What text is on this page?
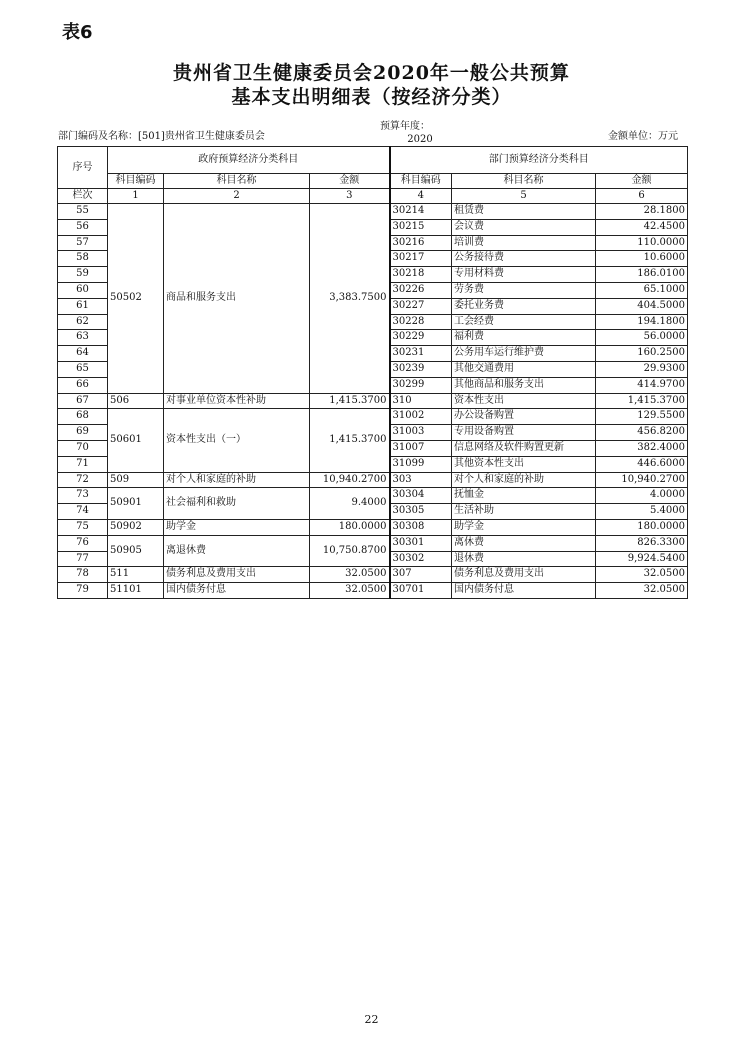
表6
贵州省卫生健康委员会2020年一般公共预算
基本支出明细表（按经济分类）
部门编码及名称：[501]贵州省卫生健康委员会
预算年度：
2020	金额单位：万元
序号	政府预算经济分类科目			部门预算经济分类科目		
	科目编码	科目名称	金额	科目编码	科目名称	金额
栏次	1	2	3	4	5	6
55	50502	商品和服务支出	3,383.7500	30214	租赁费	28.1800
56				30215	会议费	42.4500
57				30216	培训费	110.0000
58				30217	公务接待费	10.6000
59				30218	专用材料费	186.0100
60				30226	劳务费	65.1000
61				30227	委托业务费	404.5000
62				30228	工会经费	194.1800
63				30229	福利费	56.0000
64				30231	公务用车运行维护费	160.2500
65				30239	其他交通费用	29.9300
66				30299	其他商品和服务支出	414.9700
67	506	对事业单位资本性补助	1,415.3700	310	资本性支出	1,415.3700
68	50601	资本性支出（一）	1,415.3700	31002	办公设备购置	129.5500
69				31003	专用设备购置	456.8200
70				31007	信息网络及软件购置更新	382.4000
71				31099	其他资本性支出	446.6000
72	509	对个人和家庭的补助	10,940.2700	303	对个人和家庭的补助	10,940.2700
73	50901	社会福利和救助	9.4000	30304	抚恤金	4.0000
74				30305	生活补助	5.4000
75	50902	助学金	180.0000	30308	助学金	180.0000
76	50905	离退休费	10,750.8700	30301	离休费	826.3300
77				30302	退休费	9,924.5400
78	511	债务利息及费用支出	32.0500	307	债务利息及费用支出	32.0500
79	51101	国内债务付息	32.0500	30701	国内债务付息	32.0500
22
